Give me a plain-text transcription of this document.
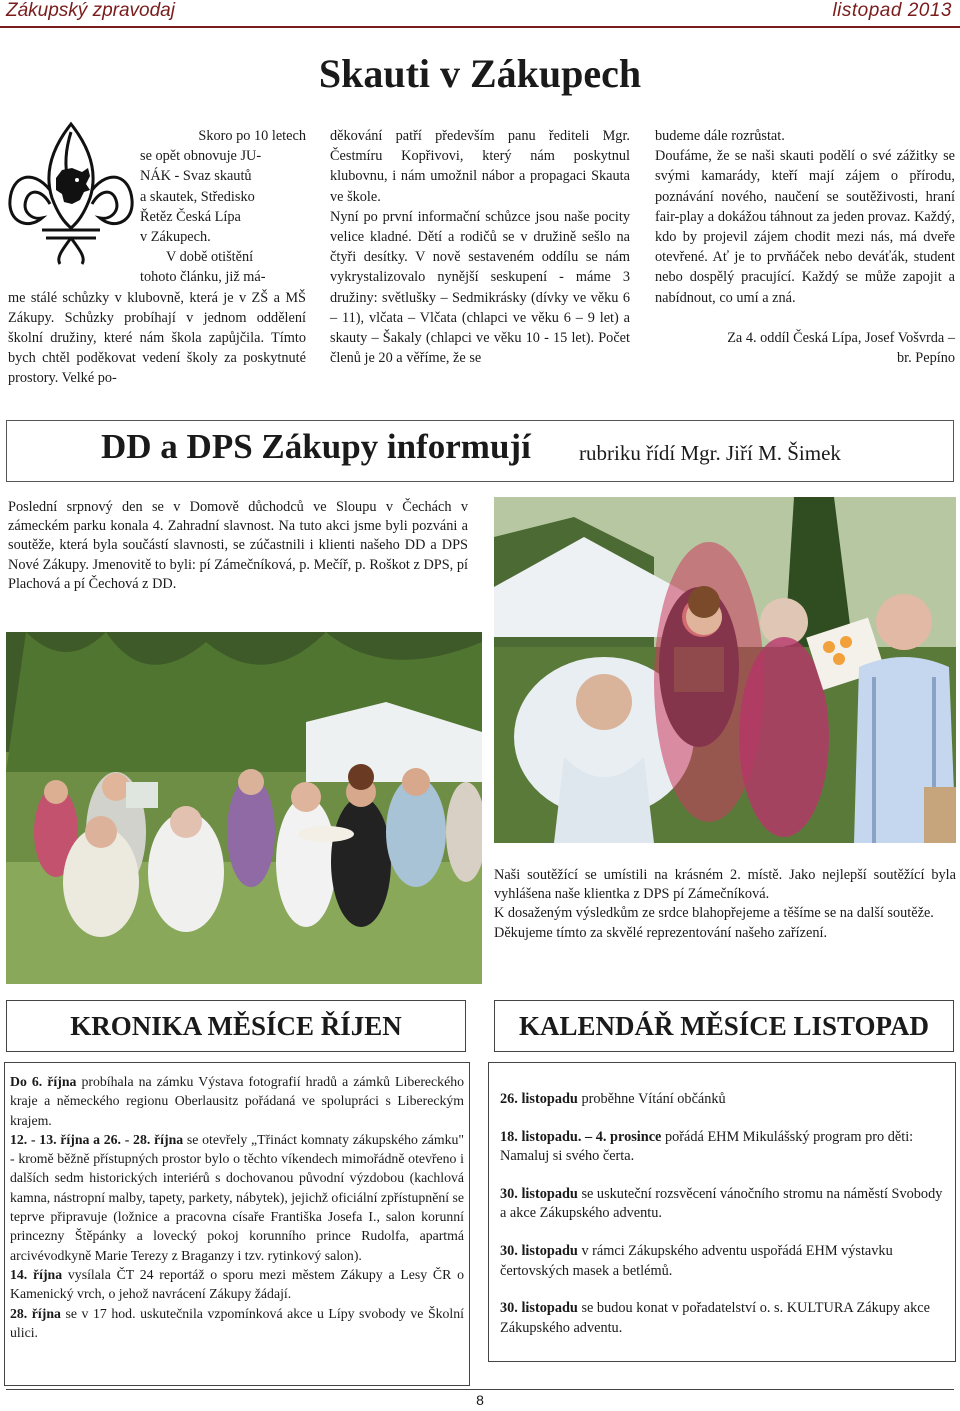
Zákupský zpravodaj	listopad 2013
Skauti v Zákupech
Skoro po 10 letech
se opět obnovuje JU-
NÁK - Svaz skautů
a skautek, Středisko
Řetěz Česká Lípa
v Zákupech.
V době otištění
tohoto článku, již má-

me stálé schůzky v klubovně, která je v ZŠ a MŠ Zákupy. Schůzky probíhají v jednom oddělení školní družiny, které nám škola zapůjčila. Tímto bych chtěl poděkovat vedení školy za poskytnuté prostory. Velké po-

děkování patří především panu řediteli Mgr. Čestmíru Kopřivovi, který nám poskytnul klubovnu, i nám umožnil nábor a propagaci Skauta ve škole.

Nyní po první informační schůzce jsou naše pocity velice kladné. Dětí a rodičů se v družině sešlo na čtyři desítky. V nově sestaveném oddílu se nám vykrystalizovalo nynější seskupení - máme 3 družiny: světlušky – Sedmikrásky (dívky ve věku 6 – 11), vlčata – Vlčata (chlapci ve věku 6 – 9 let) a skauty – Šakaly (chlapci ve věku 10 - 15 let). Počet členů je 20 a věříme, že se

budeme dále rozrůstat.

Doufáme, že se naši skauti podělí o své zážitky se svými kamarády, kteří mají zájem o přírodu, poznávání nového, naučení se soutěživosti, hraní fair-play a dokážou táhnout za jeden provaz. Každý, kdo by projevil zájem chodit mezi nás, má dveře otevřené. Ať je to prvňáček nebo deváťák, student nebo dospělý pracující. Každý se může zapojit a nabídnout, co umí a zná.

Za 4. oddíl Česká Lípa, Josef Vošvrda –

br. Pepíno

DD a DPS Zákupy informují rubriku řídí Mgr. Jiří M. Šimek

Poslední srpnový den se v Domově důchodců ve Sloupu v Čechách v zámeckém parku konala 4. Zahradní slavnost. Na tuto akci jsme byli pozváni a soutěže, která byla součástí slavnosti, se zúčastnili i klienti našeho DD a DPS Nové Zákupy. Jmenovitě to byli: pí Zámečníková, p. Mečíř, p. Roškot z DPS, pí Plachová a pí Čechová z DD.

Naši soutěžící se umístili na krásném 2. místě. Jako nejlepší soutěžící byla vyhlášena naše klientka z DPS pí Zámečníková.

K dosaženým výsledkům ze srdce blahopřejeme a těšíme se na další soutěže.

Děkujeme tímto za skvělé reprezentování našeho zařízení.

KRONIKA MĚSÍCE ŘÍJEN	KALENDÁŘ MĚSÍCE LISTOPAD

Do 6. října probíhala na zámku Výstava fotografií hradů a zámků Libereckého kraje a německého regionu Oberlausitz pořádaná ve spolupráci s Libereckým krajem.

12. - 13. října a 26. - 28. října se otevřely „Třináct komnaty zákupského zámku" - kromě běžně přístupných prostor bylo o těchto víkendech mimořádně otevřeno i dalších sedm historických interiérů s dochovanou původní výzdobou (kachlová kamna, nástropní malby, tapety, parkety, nábytek), jejichž oficiální zpřístupnění se teprve připravuje (ložnice a pracovna císaře Františka Josefa I., salon korunní princezny Štěpánky a lovecký pokoj korunního prince Rudolfa, apartmá arcivévodkyně Marie Terezy z Braganzy i tzv. rytinkový salon).

14. října vysílala ČT 24 reportáž o sporu mezi městem Zákupy a Lesy ČR o Kamenický vrch, o jehož navrácení Zákupy žádají.

28. října se v 17 hod. uskutečnila vzpomínková akce u Lípy svobody ve Školní ulici.

26. listopadu proběhne Vítání občánků

18. listopadu. – 4. prosince pořádá EHM Mikulášský program pro děti: Namaluj si svého čerta.

30. listopadu se uskuteční rozsvěcení vánočního stromu na náměstí Svobody a akce Zákupského adventu.

30. listopadu v rámci Zákupského adventu uspořádá EHM výstavku čertovských masek a betlémů.

30. listopadu se budou konat v pořadatelství o. s. KULTURA Zákupy akce Zákupského adventu.

8
